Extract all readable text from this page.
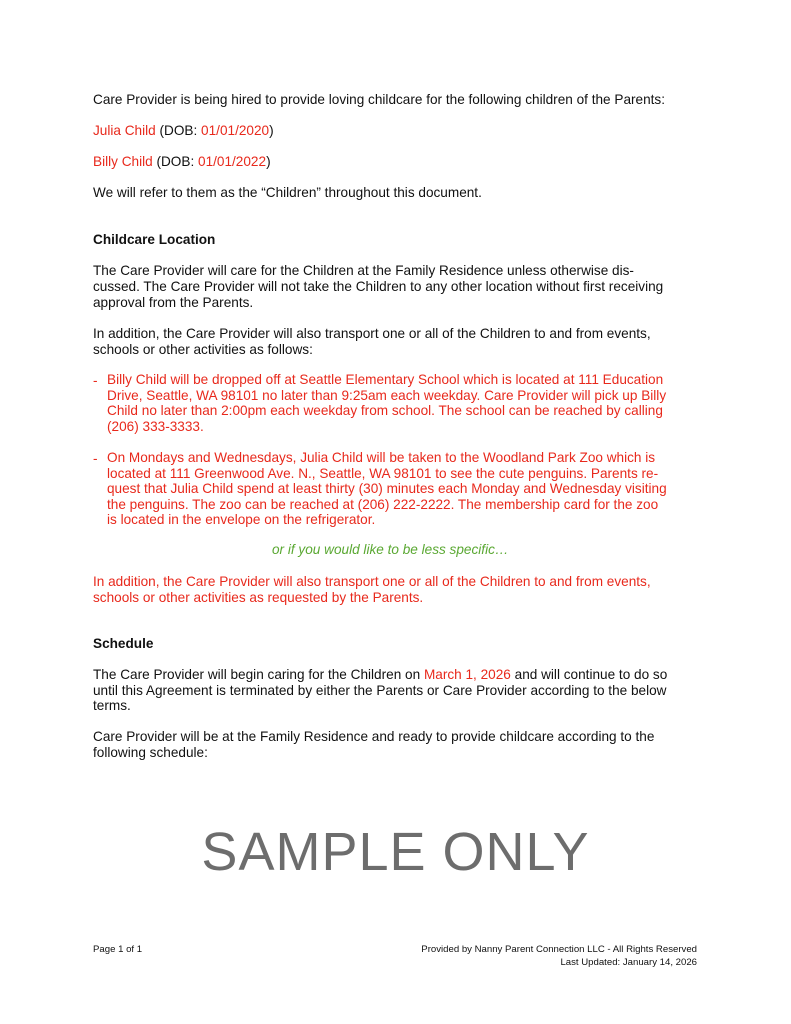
Care Provider is being hired to provide loving childcare for the following children of the Parents:
Julia Child (DOB: 01/01/2020)
Billy Child (DOB: 01/01/2022)
We will refer to them as the “Children” throughout this document.
Childcare Location
The Care Provider will care for the Children at the Family Residence unless otherwise dis-
cussed. The Care Provider will not take the Children to any other location without first receiving
approval from the Parents.
In addition, the Care Provider will also transport one or all of the Children to and from events,
schools or other activities as follows:
- Billy Child will be dropped off at Seattle Elementary School which is located at 111 Education
Drive, Seattle, WA 98101 no later than 9:25am each weekday. Care Provider will pick up Billy
Child no later than 2:00pm each weekday from school. The school can be reached by calling
(206) 333-3333.
- On Mondays and Wednesdays, Julia Child will be taken to the Woodland Park Zoo which is
located at 111 Greenwood Ave. N., Seattle, WA 98101 to see the cute penguins. Parents re-
quest that Julia Child spend at least thirty (30) minutes each Monday and Wednesday visiting
the penguins. The zoo can be reached at (206) 222-2222. The membership card for the zoo
is located in the envelope on the refrigerator.
or if you would like to be less specific…
In addition, the Care Provider will also transport one or all of the Children to and from events,
schools or other activities as requested by the Parents.
Schedule
The Care Provider will begin caring for the Children on March 1, 2026 and will continue to do so
until this Agreement is terminated by either the Parents or Care Provider according to the below
terms.
Care Provider will be at the Family Residence and ready to provide childcare according to the
following schedule:
SAMPLE ONLY
Page 1 of 1	Provided by Nanny Parent Connection LLC - All Rights Reserved
Last Updated: January 14, 2026
